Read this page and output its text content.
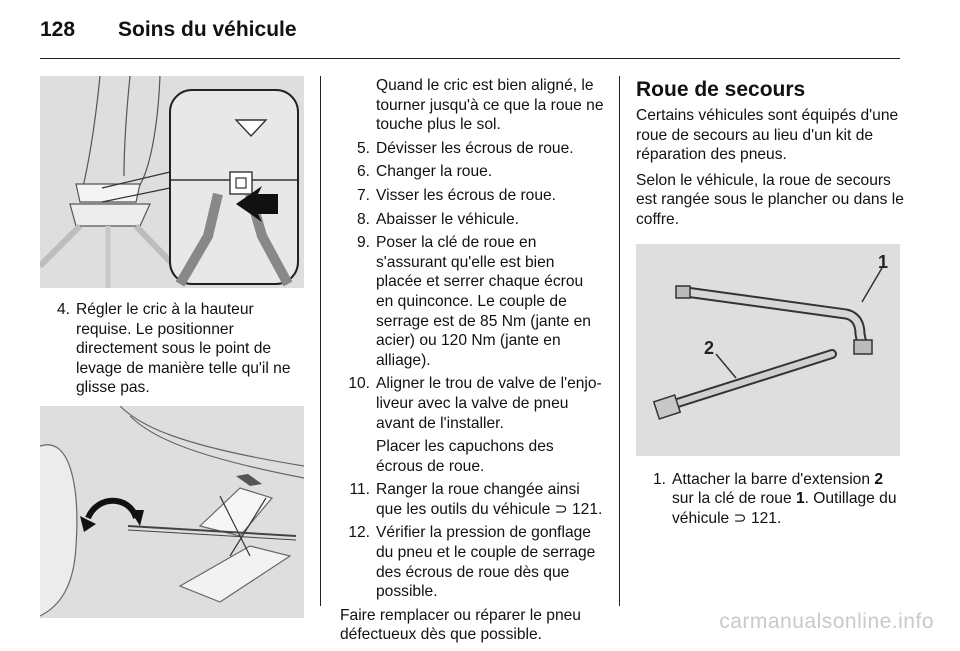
128	Soins du véhicule
4. Régler le cric à la hauteur requise. Le positionner directement sous le point de levage de manière telle qu'il ne glisse pas.
Quand le cric est bien aligné, le tourner jusqu'à ce que la roue ne touche plus le sol.
5. Dévisser les écrous de roue.
6. Changer la roue.
7. Visser les écrous de roue.
8. Abaisser le véhicule.
9. Poser la clé de roue en s'assurant qu'elle est bien placée et serrer chaque écrou en quinconce. Le couple de serrage est de 85 Nm (jante en acier) ou 120 Nm (jante en alliage).
10. Aligner le trou de valve de l'enjo-liveur avec la valve de pneu avant de l'installer.
Placer les capuchons des écrous de roue.
11. Ranger la roue changée ainsi que les outils du véhicule ⊃ 121.
12. Vérifier la pression de gonflage du pneu et le couple de serrage des écrous de roue dès que possible.
Faire remplacer ou réparer le pneu défectueux dès que possible.
Roue de secours
Certains véhicules sont équipés d'une roue de secours au lieu d'un kit de réparation des pneus.
Selon le véhicule, la roue de secours est rangée sous le plancher ou dans le coffre.
1
2
1. Attacher la barre d'extension 2 sur la clé de roue 1. Outillage du véhicule ⊃ 121.
carmanualsonline.info
